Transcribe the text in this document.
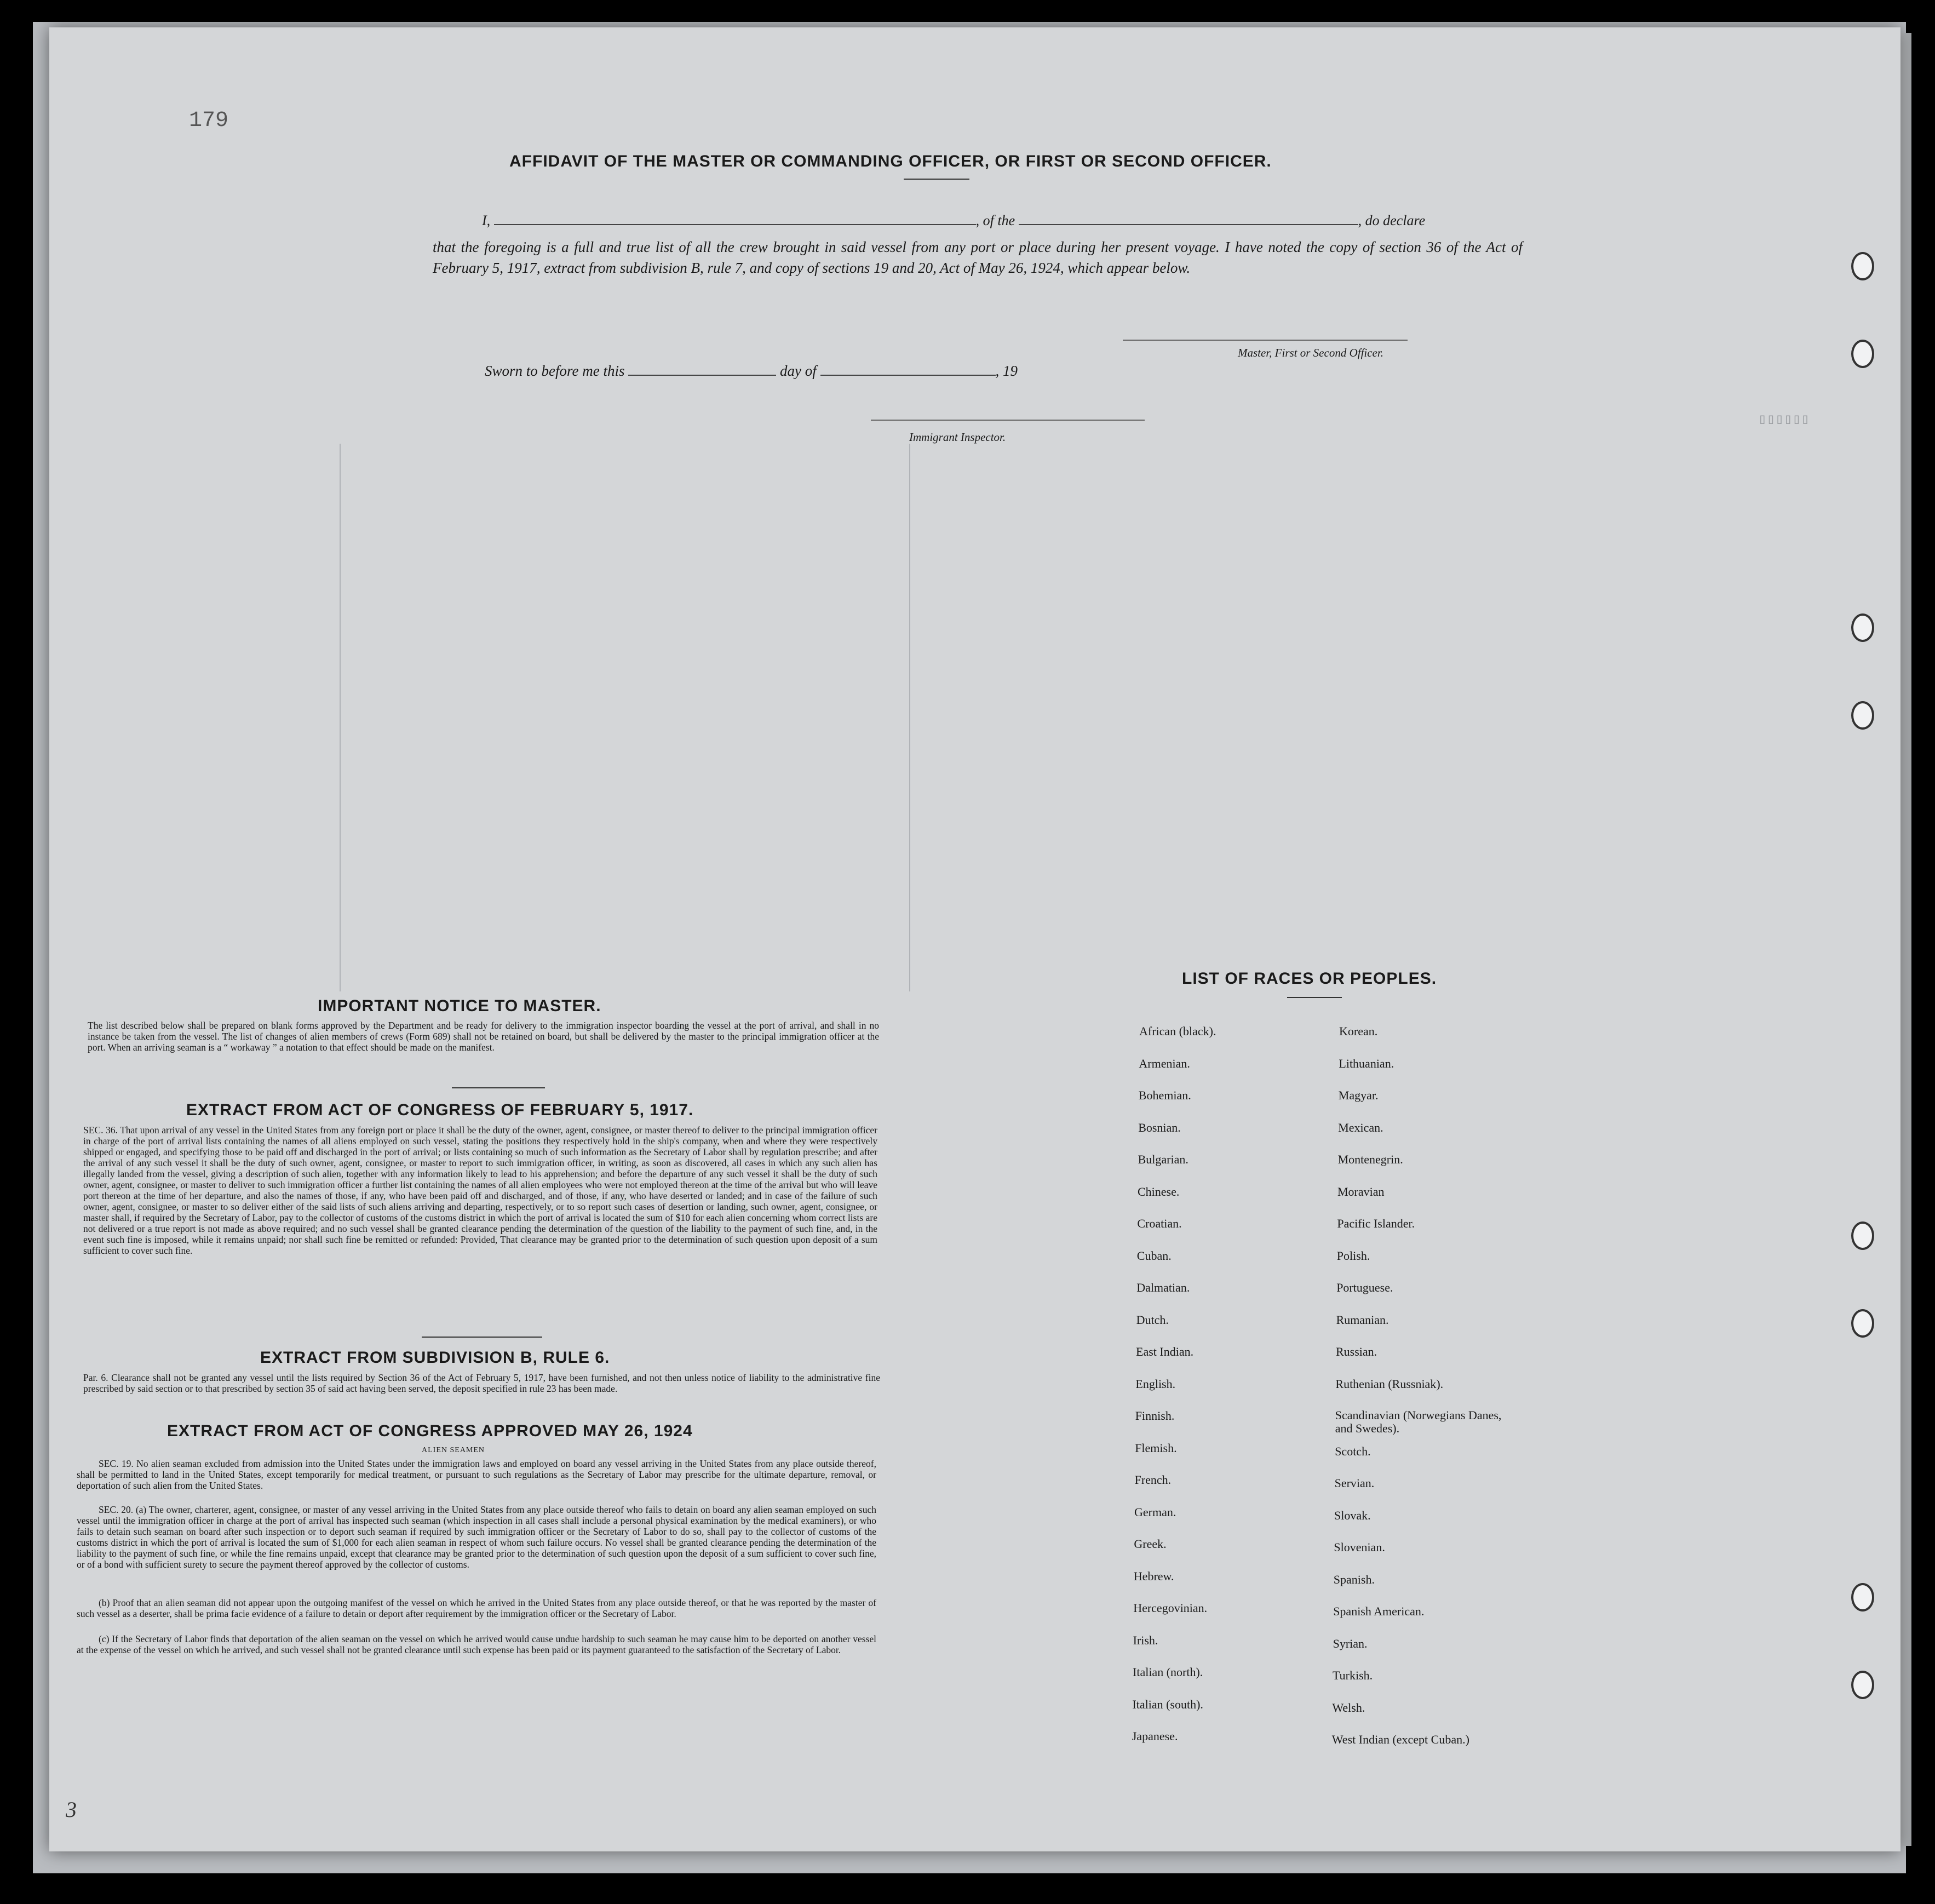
▯▯▯▯▯▯
179
AFFIDAVIT OF THE MASTER OR COMMANDING OFFICER, OR FIRST OR SECOND OFFICER.
I,	, of the	, do declare
that the foregoing is a full and true list of all the crew brought in said vessel from any port or place during her present voyage. I have noted the copy of section 36 of the Act of February 5, 1917, extract from subdivision B, rule 7, and copy of sections 19 and 20, Act of May 26, 1924, which appear below.
Master, First or Second Officer.
Sworn to before me this	day of	, 19
Immigrant Inspector.
IMPORTANT NOTICE TO MASTER.
The list described below shall be prepared on blank forms approved by the Department and be ready for delivery to the immigration inspector boarding the vessel at the port of arrival, and shall in no instance be taken from the vessel. The list of changes of alien members of crews (Form 689) shall not be retained on board, but shall be delivered by the master to the principal immigration officer at the port. When an arriving seaman is a “ workaway ” a notation to that effect should be made on the manifest.
EXTRACT FROM ACT OF CONGRESS OF FEBRUARY 5, 1917.
SEC. 36. That upon arrival of any vessel in the United States from any foreign port or place it shall be the duty of the owner, agent, consignee, or master thereof to deliver to the principal immigration officer in charge of the port of arrival lists containing the names of all aliens employed on such vessel, stating the positions they respectively hold in the ship's company, when and where they were respectively shipped or engaged, and specifying those to be paid off and discharged in the port of arrival; or lists containing so much of such information as the Secretary of Labor shall by regulation prescribe; and after the arrival of any such vessel it shall be the duty of such owner, agent, consignee, or master to report to such immigration officer, in writing, as soon as discovered, all cases in which any such alien has illegally landed from the vessel, giving a description of such alien, together with any information likely to lead to his apprehension; and before the departure of any such vessel it shall be the duty of such owner, agent, consignee, or master to deliver to such immigration officer a further list containing the names of all alien employees who were not employed thereon at the time of the arrival but who will leave port thereon at the time of her departure, and also the names of those, if any, who have been paid off and discharged, and of those, if any, who have deserted or landed; and in case of the failure of such owner, agent, consignee, or master to so deliver either of the said lists of such aliens arriving and departing, respectively, or to so report such cases of desertion or landing, such owner, agent, consignee, or master shall, if required by the Secretary of Labor, pay to the collector of customs of the customs district in which the port of arrival is located the sum of $10 for each alien concerning whom correct lists are not delivered or a true report is not made as above required; and no such vessel shall be granted clearance pending the determination of the question of the liability to the payment of such fine, and, in the event such fine is imposed, while it remains unpaid; nor shall such fine be remitted or refunded: Provided, That clearance may be granted prior to the determination of such question upon deposit of a sum sufficient to cover such fine.
EXTRACT FROM SUBDIVISION B, RULE 6.
Par. 6. Clearance shall not be granted any vessel until the lists required by Section 36 of the Act of February 5, 1917, have been furnished, and not then unless notice of liability to the administrative fine prescribed by said section or to that prescribed by section 35 of said act having been served, the deposit specified in rule 23 has been made.
EXTRACT FROM ACT OF CONGRESS APPROVED MAY 26, 1924
ALIEN SEAMEN
SEC. 19. No alien seaman excluded from admission into the United States under the immigration laws and employed on board any vessel arriving in the United States from any place outside thereof, shall be permitted to land in the United States, except temporarily for medical treatment, or pursuant to such regulations as the Secretary of Labor may prescribe for the ultimate departure, removal, or deportation of such alien from the United States.
SEC. 20. (a) The owner, charterer, agent, consignee, or master of any vessel arriving in the United States from any place outside thereof who fails to detain on board any alien seaman employed on such vessel until the immigration officer in charge at the port of arrival has inspected such seaman (which inspection in all cases shall include a personal physical examination by the medical examiners), or who fails to detain such seaman on board after such inspection or to deport such seaman if required by such immigration officer or the Secretary of Labor to do so, shall pay to the collector of customs of the customs district in which the port of arrival is located the sum of $1,000 for each alien seaman in respect of whom such failure occurs. No vessel shall be granted clearance pending the determination of the liability to the payment of such fine, or while the fine remains unpaid, except that clearance may be granted prior to the determination of such question upon the deposit of a sum sufficient to cover such fine, or of a bond with sufficient surety to secure the payment thereof approved by the collector of customs.
(b) Proof that an alien seaman did not appear upon the outgoing manifest of the vessel on which he arrived in the United States from any place outside thereof, or that he was reported by the master of such vessel as a deserter, shall be prima facie evidence of a failure to detain or deport after requirement by the immigration officer or the Secretary of Labor.
(c) If the Secretary of Labor finds that deportation of the alien seaman on the vessel on which he arrived would cause undue hardship to such seaman he may cause him to be deported on another vessel at the expense of the vessel on which he arrived, and such vessel shall not be granted clearance until such expense has been paid or its payment guaranteed to the satisfaction of the Secretary of Labor.
LIST OF RACES OR PEOPLES.
3
African (black).
Armenian.
Bohemian.
Bosnian.
Bulgarian.
Chinese.
Croatian.
Cuban.
Dalmatian.
Dutch.
East Indian.
English.
Finnish.
Flemish.
French.
German.
Greek.
Hebrew.
Hercegovinian.
Irish.
Italian (north).
Italian (south).
Japanese.
Korean.
Lithuanian.
Magyar.
Mexican.
Montenegrin.
Moravian
Pacific Islander.
Polish.
Portuguese.
Rumanian.
Russian.
Ruthenian (Russniak).
Scandinavian (Norwegians Danes, and Swedes).
Scotch.
Servian.
Slovak.
Slovenian.
Spanish.
Spanish American.
Syrian.
Turkish.
Welsh.
West Indian (except Cuban.)
